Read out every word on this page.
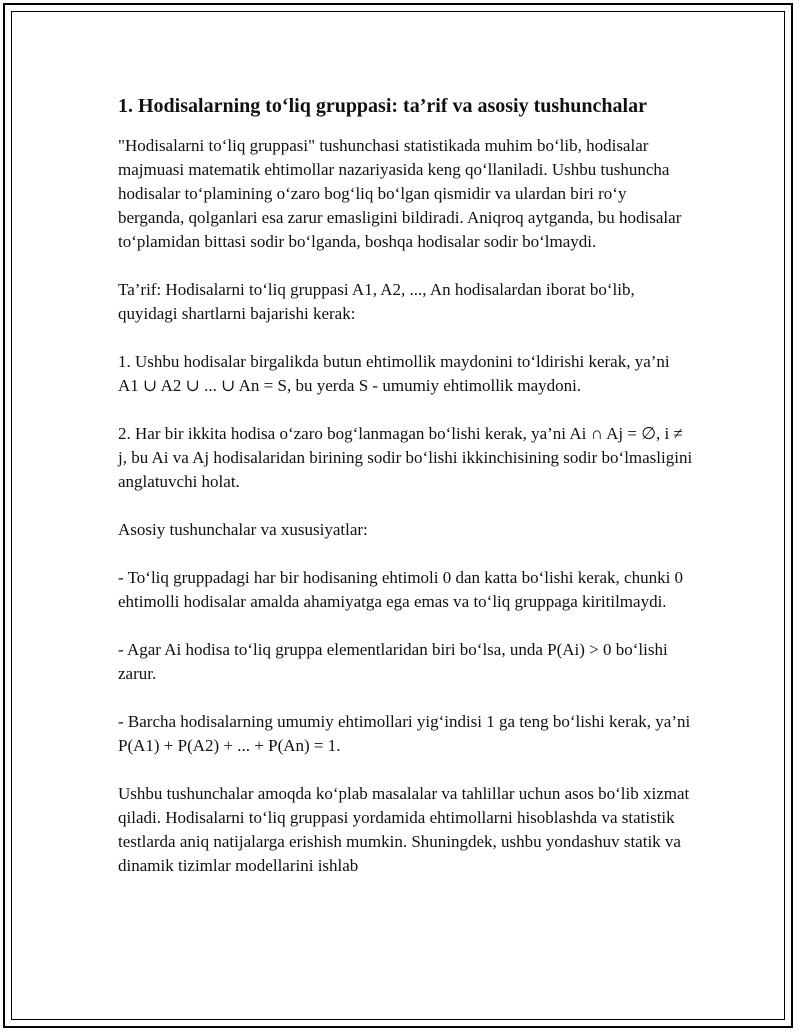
1. Hodisalarning to‘liq gruppasi: ta’rif va asosiy tushunchalar

"Hodisalarni to‘liq gruppasi" tushunchasi statistikada muhim bo‘lib, hodisalar majmuasi matematik ehtimollar nazariyasida keng qo‘llaniladi. Ushbu tushuncha hodisalar to‘plamining o‘zaro bog‘liq bo‘lgan qismidir va ulardan biri ro‘y berganda, qolganlari esa zarur emasligini bildiradi. Aniqroq aytganda, bu hodisalar to‘plamidan bittasi sodir bo‘lganda, boshqa hodisalar sodir bo‘lmaydi.

Ta’rif: Hodisalarni to‘liq gruppasi A1, A2, ..., An hodisalardan iborat bo‘lib, quyidagi shartlarni bajarishi kerak:

1. Ushbu hodisalar birgalikda butun ehtimollik maydonini to‘ldirishi kerak, ya’ni A1 ∪ A2 ∪ ... ∪ An = S, bu yerda S - umumiy ehtimollik maydoni.

2. Har bir ikkita hodisa o‘zaro bog‘lanmagan bo‘lishi kerak, ya’ni Ai ∩ Aj = ∅, i ≠ j, bu Ai va Aj hodisalaridan birining sodir bo‘lishi ikkinchisining sodir bo‘lmasligini anglatuvchi holat.

Asosiy tushunchalar va xususiyatlar:

- To‘liq gruppadagi har bir hodisaning ehtimoli 0 dan katta bo‘lishi kerak, chunki 0 ehtimolli hodisalar amalda ahamiyatga ega emas va to‘liq gruppaga kiritilmaydi.

- Agar Ai hodisa to‘liq gruppa elementlaridan biri bo‘lsa, unda P(Ai) > 0 bo‘lishi zarur.

- Barcha hodisalarning umumiy ehtimollari yig‘indisi 1 ga teng bo‘lishi kerak, ya’ni P(A1) + P(A2) + ... + P(An) = 1.

Ushbu tushunchalar amoqda ko‘plab masalalar va tahlillar uchun asos bo‘lib xizmat qiladi. Hodisalarni to‘liq gruppasi yordamida ehtimollarni hisoblashda va statistik testlarda aniq natijalarga erishish mumkin. Shuningdek, ushbu yondashuv statik va dinamik tizimlar modellarini ishlab
